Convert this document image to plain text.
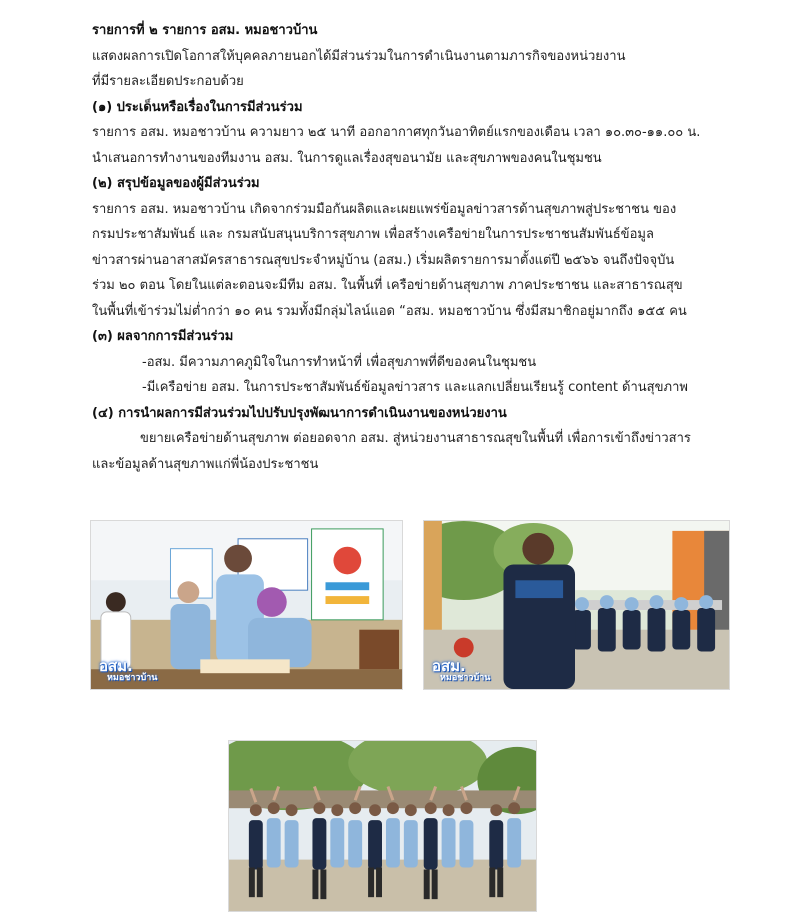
รายการที่ ๒ รายการ อสม. หมอชาวบ้าน

แสดงผลการเปิดโอกาสให้บุคคลภายนอกได้มีส่วนร่วมในการดำเนินงานตามภารกิจของหน่วยงาน

ที่มีรายละเอียดประกอบด้วย

(๑) ประเด็นหรือเรื่องในการมีส่วนร่วม

รายการ อสม. หมอชาวบ้าน ความยาว ๒๕ นาที ออกอากาศทุกวันอาทิตย์แรกของเดือน เวลา ๑๐.๓๐-๑๑.๐๐ น.

นำเสนอการทำงานของทีมงาน อสม. ในการดูแลเรื่องสุขอนามัย และสุขภาพของคนในชุมชน

(๒) สรุปข้อมูลของผู้มีส่วนร่วม

รายการ อสม. หมอชาวบ้าน เกิดจากร่วมมือกันผลิตและเผยแพร่ข้อมูลข่าวสารด้านสุขภาพสู่ประชาชน ของ

กรมประชาสัมพันธ์ และ กรมสนับสนุนบริการสุขภาพ เพื่อสร้างเครือข่ายในการประชาชนสัมพันธ์ข้อมูล

ข่าวสารผ่านอาสาสมัครสาธารณสุขประจำหมู่บ้าน (อสม.) เริ่มผลิตรายการมาตั้งแต่ปี ๒๕๖๖ จนถึงปัจจุบัน

ร่วม ๒๐ ตอน โดยในแต่ละตอนจะมีทีม อสม. ในพื้นที่ เครือข่ายด้านสุขภาพ ภาคประชาชน และสาธารณสุข

ในพื้นที่เข้าร่วมไม่ต่ำกว่า ๑๐ คน รวมทั้งมีกลุ่มไลน์แอด “อสม. หมอชาวบ้าน ซึ่งมีสมาชิกอยู่มากถึง ๑๕๕ คน

(๓) ผลจากการมีส่วนร่วม

-อสม. มีความภาคภูมิใจในการทำหน้าที่ เพื่อสุขภาพที่ดีของคนในชุมชน

-มีเครือข่าย อสม. ในการประชาสัมพันธ์ข้อมูลข่าวสาร และแลกเปลี่ยนเรียนรู้ content ด้านสุขภาพ

(๔) การนำผลการมีส่วนร่วมไปปรับปรุงพัฒนาการดำเนินงานของหน่วยงาน

ขยายเครือข่ายด้านสุขภาพ ต่อยอดจาก อสม. สู่หน่วยงานสาธารณสุขในพื้นที่ เพื่อการเข้าถึงข่าวสาร

และข้อมูลด้านสุขภาพแก่พี่น้องประชาชน

อสม.
หมอชาวบ้าน
อสม.
หมอชาวบ้าน
